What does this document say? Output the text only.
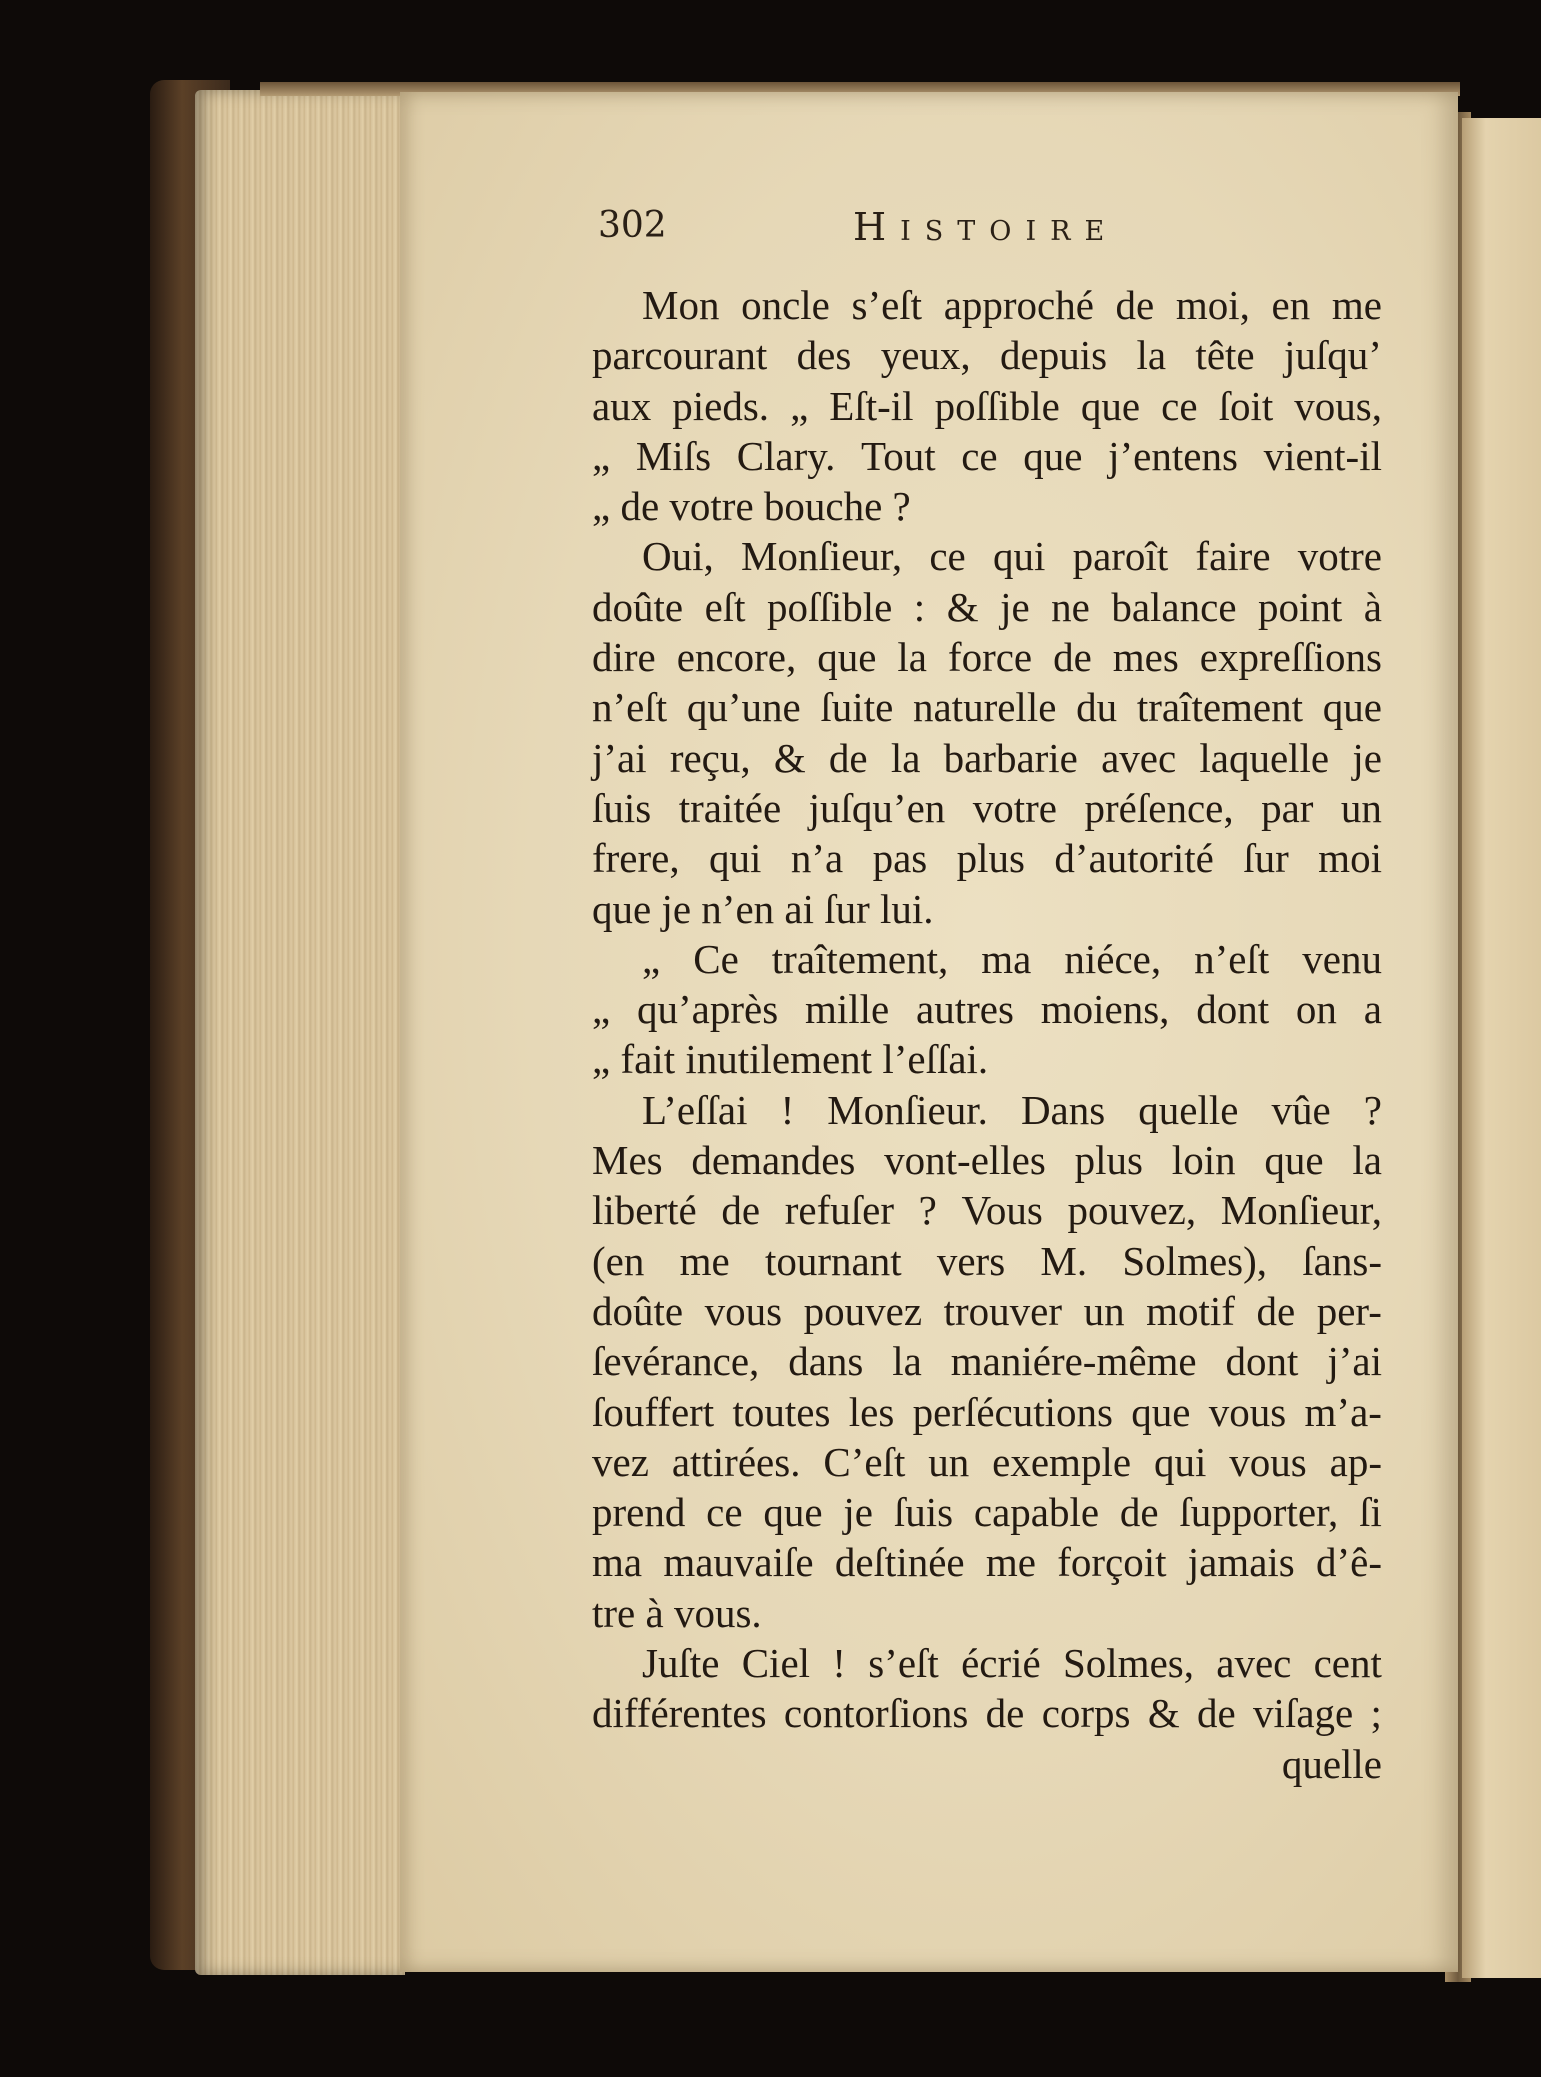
302	Histoire
Mon oncle s’eſt approché de moi, en me
parcourant des yeux, depuis la tête juſqu’
aux pieds. „ Eſt-il poſſible que ce ſoit vous,
„ Miſs Clary. Tout ce que j’entens vient-il
„ de votre bouche ?
Oui, Monſieur, ce qui paroît faire votre
doûte eſt poſſible : & je ne balance point à
dire encore, que la force de mes expreſſions
n’eſt qu’une ſuite naturelle du traîtement que
j’ai reçu, & de la barbarie avec laquelle je
ſuis traitée juſqu’en votre préſence, par un
frere, qui n’a pas plus d’autorité ſur moi
que je n’en ai ſur lui.
„ Ce traîtement, ma niéce, n’eſt venu
„ qu’après mille autres moiens, dont on a
„ fait inutilement l’eſſai.
L’eſſai ! Monſieur. Dans quelle vûe ?
Mes demandes vont-elles plus loin que la
liberté de refuſer ? Vous pouvez, Monſieur,
(en me tournant vers M. Solmes), ſans-
doûte vous pouvez trouver un motif de per-
ſevérance, dans la maniére-même dont j’ai
ſouffert toutes les perſécutions que vous m’a-
vez attirées. C’eſt un exemple qui vous ap-
prend ce que je ſuis capable de ſupporter, ſi
ma mauvaiſe deſtinée me forçoit jamais d’ê-
tre à vous.
Juſte Ciel ! s’eſt écrié Solmes, avec cent
différentes contorſions de corps & de viſage ;
quelle
